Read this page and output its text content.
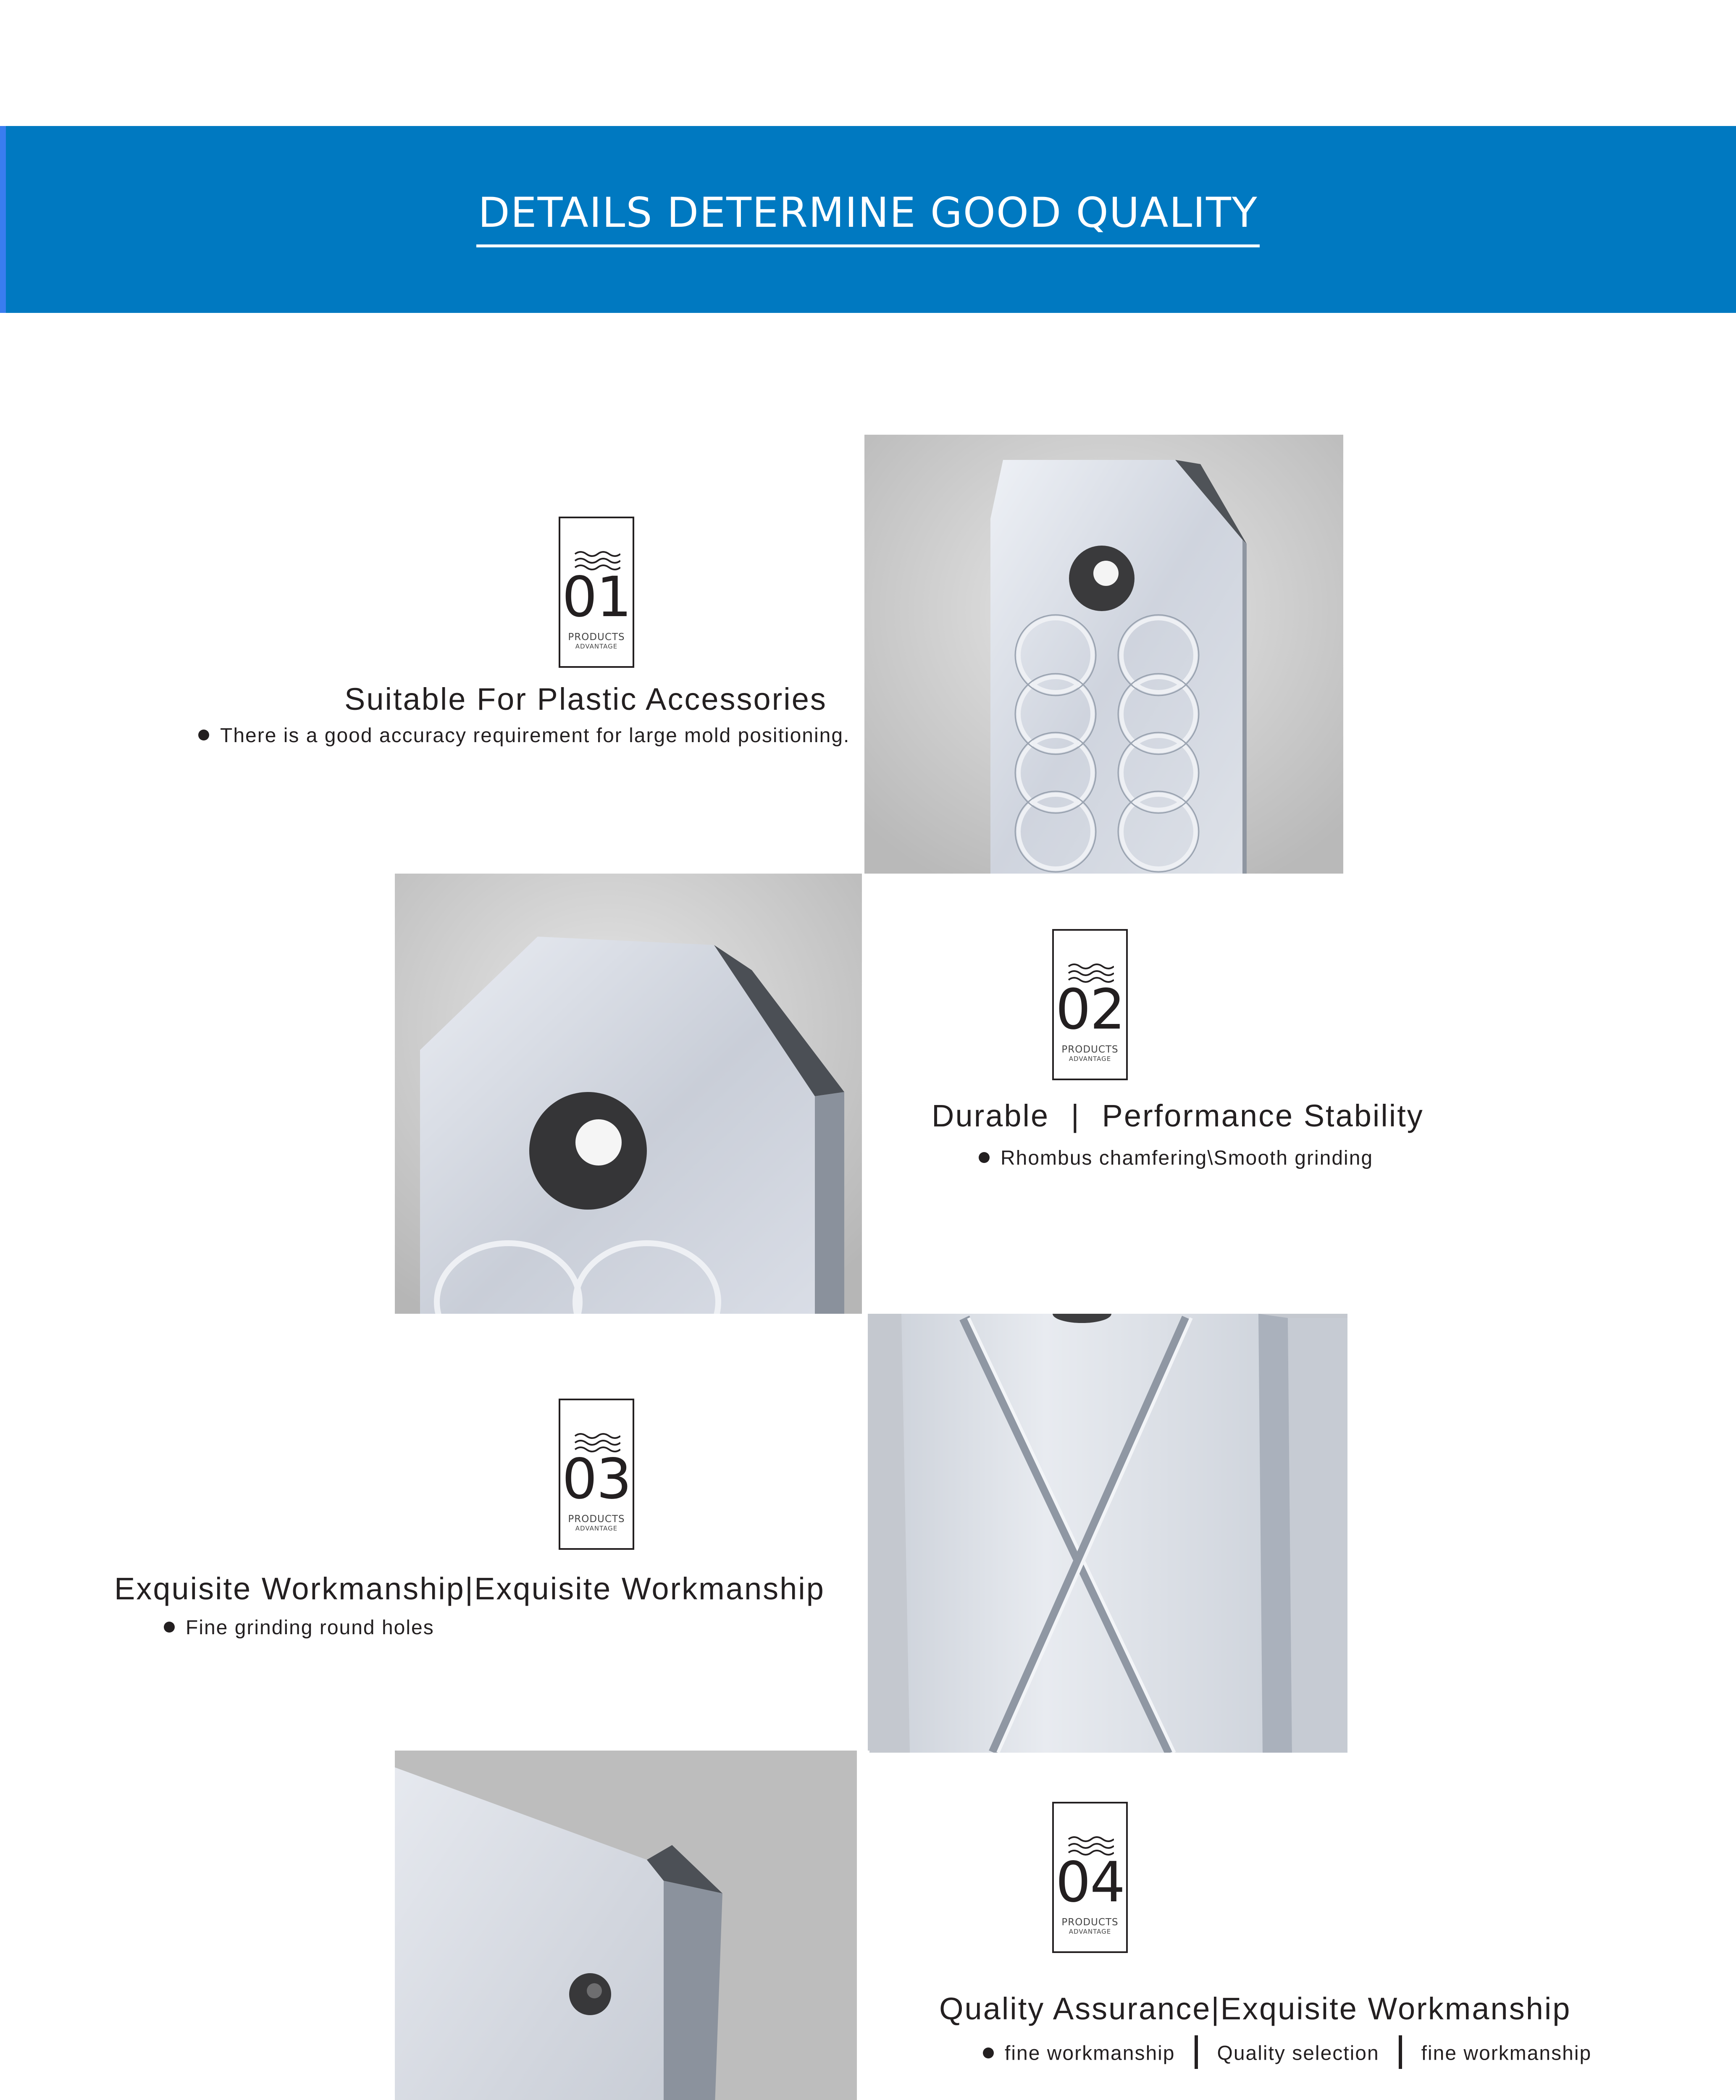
DETAILS DETERMINE GOOD QUALITY
01
PRODUCTS
ADVANTAGE
Suitable For Plastic Accessories
There is a good accuracy requirement for large mold positioning.
02
PRODUCTS
ADVANTAGE
Durable | Performance Stability
Rhombus chamfering\Smooth grinding
03
PRODUCTS
ADVANTAGE
Exquisite Workmanship|Exquisite Workmanship
Fine grinding round holes
04
PRODUCTS
ADVANTAGE
Quality Assurance|Exquisite Workmanship
fine workmanship Quality selection fine workmanship
